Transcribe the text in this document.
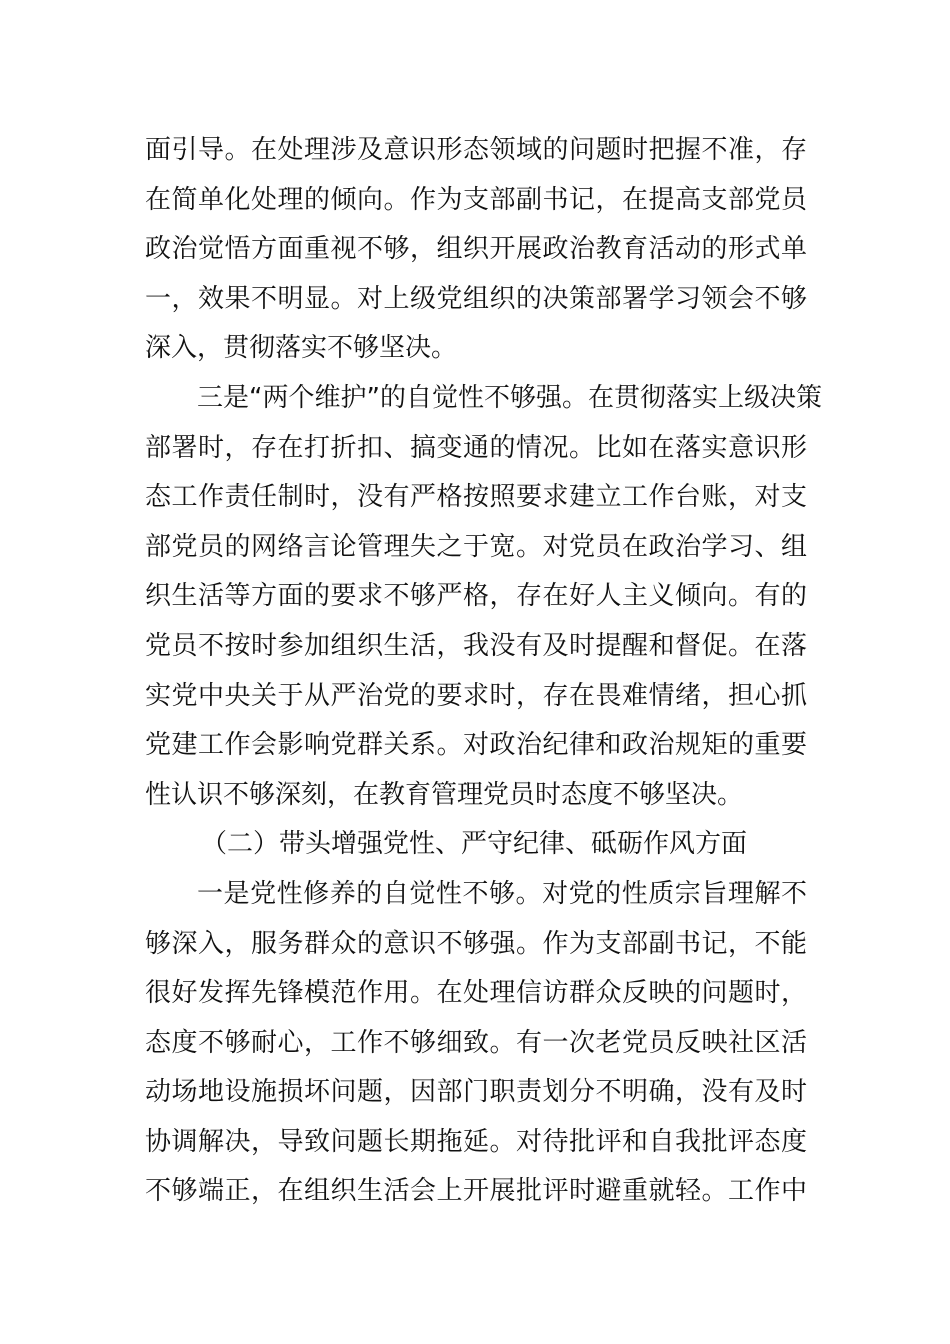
面引导。在处理涉及意识形态领域的问题时把握不准，存
在简单化处理的倾向。作为支部副书记，在提高支部党员
政治觉悟方面重视不够，组织开展政治教育活动的形式单
一，效果不明显。对上级党组织的决策部署学习领会不够
深入，贯彻落实不够坚决。
三是“两个维护”的自觉性不够强。在贯彻落实上级决策
部署时，存在打折扣、搞变通的情况。比如在落实意识形
态工作责任制时，没有严格按照要求建立工作台账，对支
部党员的网络言论管理失之于宽。对党员在政治学习、组
织生活等方面的要求不够严格，存在好人主义倾向。有的
党员不按时参加组织生活，我没有及时提醒和督促。在落
实党中央关于从严治党的要求时，存在畏难情绪，担心抓
党建工作会影响党群关系。对政治纪律和政治规矩的重要
性认识不够深刻，在教育管理党员时态度不够坚决。
（二）带头增强党性、严守纪律、砥砺作风方面
一是党性修养的自觉性不够。对党的性质宗旨理解不
够深入，服务群众的意识不够强。作为支部副书记，不能
很好发挥先锋模范作用。在处理信访群众反映的问题时，
态度不够耐心，工作不够细致。有一次老党员反映社区活
动场地设施损坏问题，因部门职责划分不明确，没有及时
协调解决，导致问题长期拖延。对待批评和自我批评态度
不够端正，在组织生活会上开展批评时避重就轻。工作中
